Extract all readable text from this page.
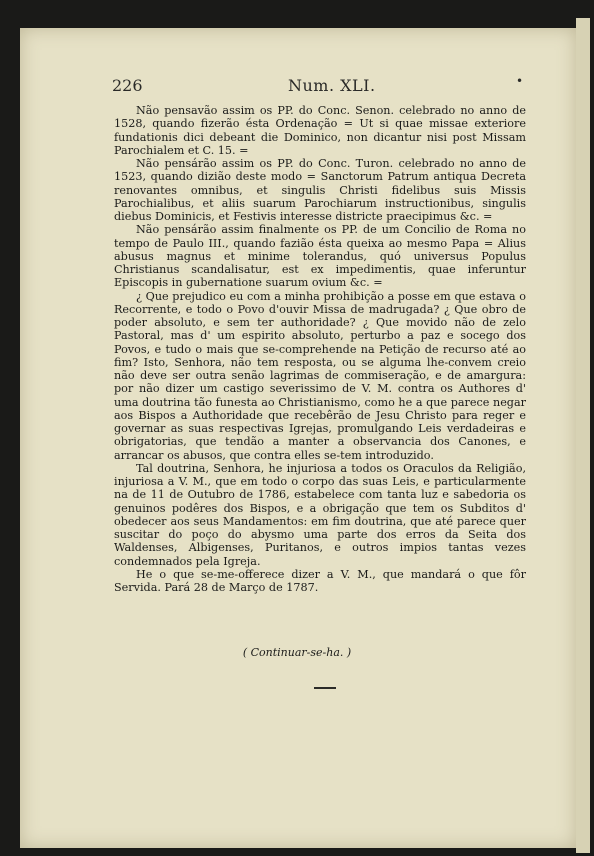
226	Num. XLI.	•

Não pensavão assim os PP. do Conc. Senon. celebrado no anno de 1528, quando fizerão ésta Ordenação = Ut si quae missae exteriore fundationis dici debeant die Dominico, non dicantur nisi post Missam Parochialem et C. 15. =

Não pensárão assim os PP. do Conc. Turon. celebrado no anno de 1523, quando dizião deste modo = Sanctorum Patrum antiqua Decreta renovantes omnibus, et singulis Christi fidelibus suis Missis Parochialibus, et aliis suarum Parochiarum instructionibus, singulis diebus Dominicis, et Festivis interesse districte praecipimus &c. =

Não pensárão assim finalmente os PP. de um Concilio de Roma no tempo de Paulo III., quando fazião ésta queixa ao mesmo Papa = Alius abusus magnus et minime tolerandus, quó universus Populus Christianus scandalisatur, est ex impedimentis, quae inferuntur Episcopis in gubernatione suarum ovium &c. =

¿ Que prejudico eu com a minha prohibição a posse em que estava o Recorrente, e todo o Povo d'ouvir Missa de madrugada? ¿ Que obro de poder absoluto, e sem ter authoridade? ¿ Que movido não de zelo Pastoral, mas d' um espirito absoluto, perturbo a paz e socego dos Povos, e tudo o mais que se-comprehende na Petição de recurso até ao fim? Isto, Senhora, não tem resposta, ou se alguma lhe-convem creio não deve ser outra senão lagrimas de commiseração, e de amargura: por não dizer um castigo severissimo de V. M. contra os Authores d' uma doutrina tão funesta ao Christianismo, como he a que parece negar aos Bispos a Authoridade que recebêrão de Jesu Christo para reger e governar as suas respectivas Igrejas, promulgando Leis verdadeiras e obrigatorias, que tendão a manter a observancia dos Canones, e arrancar os abusos, que contra elles se-tem introduzido.

Tal doutrina, Senhora, he injuriosa a todos os Oraculos da Religião, injuriosa a V. M., que em todo o corpo das suas Leis, e particularmente na de 11 de Outubro de 1786, estabelece com tanta luz e sabedoria os genuinos podêres dos Bispos, e a obrigação que tem os Subditos d' obedecer aos seus Mandamentos: em fim doutrina, que até parece quer suscitar do poço do abysmo uma parte dos erros da Seita dos Waldenses, Albigenses, Puritanos, e outros impios tantas vezes condemnados pela Igreja.

He o que se-me-offerece dizer a V. M., que mandará o que fôr Servida. Pará 28 de Março de 1787.

( Continuar-se-ha. )
